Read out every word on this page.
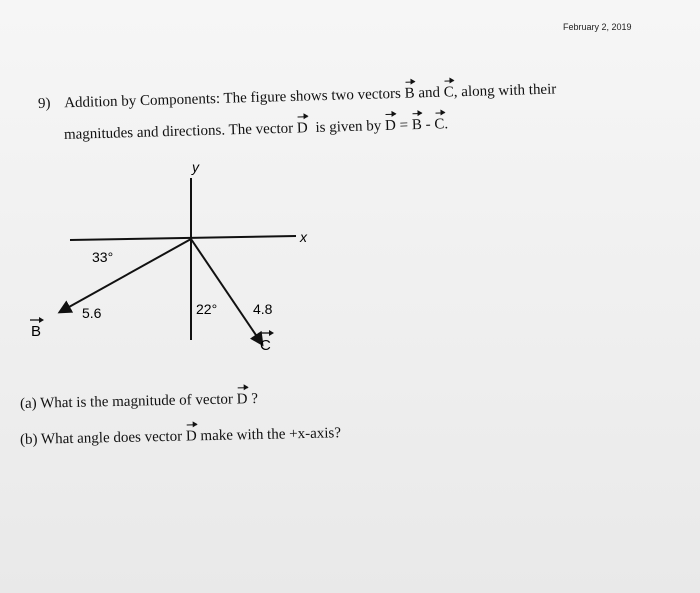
February 2, 2019
9) Addition by Components: The figure shows two vectors B and C, along with their
magnitudes and directions. The vector D is given by D = B - C.
y
x
33°
5.6
B
22°	4.8
C
(a) What is the magnitude of vector D ?
(b) What angle does vector D make with the +x-axis?
